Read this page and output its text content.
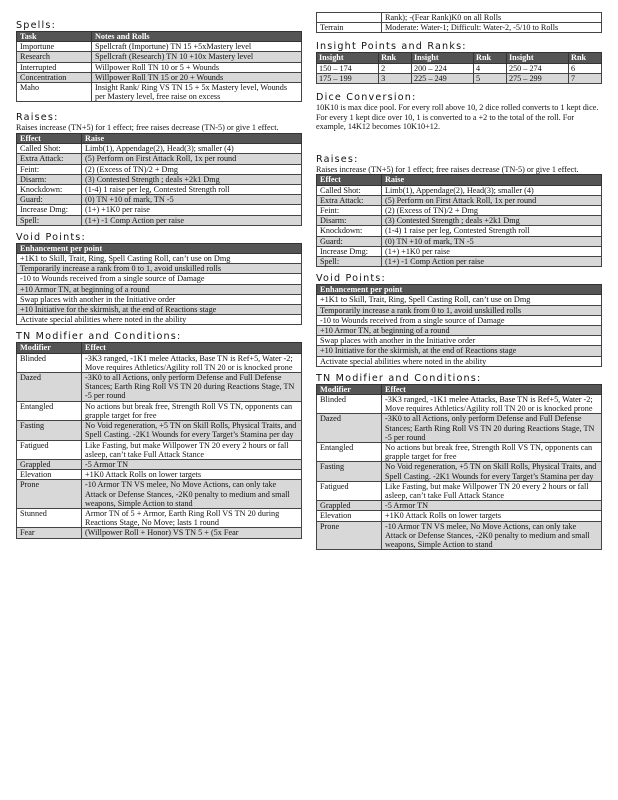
Spells:
Task	Notes and Rolls
Importune	Spellcraft (Importune) TN 15 +5xMastery level
Research	Spellcraft (Research) TN 10 +10x Mastery level
Interrupted	Willpower Roll TN 10 or 5 + Wounds
Concentration	Willpower Roll TN 15 or 20 + Wounds
Maho	Insight Rank/ Ring VS TN 15 + 5x Mastery level, Wounds per Mastery level, free raise on excess
Raises:

Raises increase (TN+5) for 1 effect; free raises decrease (TN-5) or give 1 effect.

Effect	Raise
Called Shot:	Limb(1), Appendage(2), Head(3); smaller (4)
Extra Attack:	(5) Perform on First Attack Roll, 1x per round
Feint:	(2) (Excess of TN)/2 + Dmg
Disarm:	(3) Contested Strength ; deals +2k1 Dmg
Knockdown:	(1-4) 1 raise per leg, Contested Strength roll
Guard:	(0) TN +10 of mark, TN -5
Increase Dmg:	(1+) +1K0 per raise
Spell:	(1+) -1 Comp Action per raise
Void Points:
Enhancement per point
+1K1 to Skill, Trait, Ring, Spell Casting Roll, can’t use on Dmg
Temporarily increase a rank from 0 to 1, avoid unskilled rolls
-10 to Wounds received from a single source of Damage
+10 Armor TN, at beginning of a round
Swap places with another in the Initiative order
+10 Initiative for the skirmish, at the end of Reactions stage
Activate special abilities where noted in the ability
TN Modifier and Conditions:
Modifier	Effect
Blinded	-3K3 ranged, -1K1 melee Attacks, Base TN is Ref+5, Water -2; Move requires Athletics/Agility roll TN 20 or is knocked prone
Dazed	-3K0 to all Actions, only perform Defense and Full Defense Stances; Earth Ring Roll VS TN 20 during Reactions Stage, TN -5 per round
Entangled	No actions but break free, Strength Roll VS TN, opponents can grapple target for free
Fasting	No Void regeneration, +5 TN on Skill Rolls, Physical Traits, and Spell Casting. -2K1 Wounds for every Target’s Stamina per day
Fatigued	Like Fasting, but make Willpower TN 20 every 2 hours or fall asleep, can’t take Full Attack Stance
Grappled	-5 Armor TN
Elevation	+1K0 Attack Rolls on lower targets
Prone	-10 Armor TN VS melee, No Move Actions, can only take Attack or Defense Stances, -2K0 penalty to medium and small weapons, Simple Action to stand
Stunned	Armor TN of 5 + Armor, Earth Ring Roll VS TN 20 during Reactions Stage, No Move; lasts 1 round
Fear	(Willpower Roll + Honor) VS TN 5 + (5x Fear
	Rank); -(Fear Rank)K0 on all Rolls
Terrain	Moderate: Water-1; Difficult: Water-2, -5/10 to Rolls
Insight Points and Ranks:
Insight	Rnk	Insight	Rnk	Insight	Rnk
150 – 174	2	200 – 224	4	250 – 274	6
175 – 199	3	225 – 249	5	275 – 299	7
Dice Conversion:

10K10 is max dice pool. For every roll above 10, 2 dice rolled converts to 1 kept dice. For every 1 kept dice over 10, 1 is converted to a +2 to the total of the roll. For example, 14K12 becomes 10K10+12.

Raises:

Raises increase (TN+5) for 1 effect; free raises decrease (TN-5) or give 1 effect.

Effect	Raise
Called Shot:	Limb(1), Appendage(2), Head(3); smaller (4)
Extra Attack:	(5) Perform on First Attack Roll, 1x per round
Feint:	(2) (Excess of TN)/2 + Dmg
Disarm:	(3) Contested Strength ; deals +2k1 Dmg
Knockdown:	(1-4) 1 raise per leg, Contested Strength roll
Guard:	(0) TN +10 of mark, TN -5
Increase Dmg:	(1+) +1K0 per raise
Spell:	(1+) -1 Comp Action per raise
Void Points:
Enhancement per point
+1K1 to Skill, Trait, Ring, Spell Casting Roll, can’t use on Dmg
Temporarily increase a rank from 0 to 1, avoid unskilled rolls
-10 to Wounds received from a single source of Damage
+10 Armor TN, at beginning of a round
Swap places with another in the Initiative order
+10 Initiative for the skirmish, at the end of Reactions stage
Activate special abilities where noted in the ability
TN Modifier and Conditions:
Modifier	Effect
Blinded	-3K3 ranged, -1K1 melee Attacks, Base TN is Ref+5, Water -2; Move requires Athletics/Agility roll TN 20 or is knocked prone
Dazed	-3K0 to all Actions, only perform Defense and Full Defense Stances; Earth Ring Roll VS TN 20 during Reactions Stage, TN -5 per round
Entangled	No actions but break free, Strength Roll VS TN, opponents can grapple target for free
Fasting	No Void regeneration, +5 TN on Skill Rolls, Physical Traits, and Spell Casting. -2K1 Wounds for every Target’s Stamina per day
Fatigued	Like Fasting, but make Willpower TN 20 every 2 hours or fall asleep, can’t take Full Attack Stance
Grappled	-5 Armor TN
Elevation	+1K0 Attack Rolls on lower targets
Prone	-10 Armor TN VS melee, No Move Actions, can only take Attack or Defense Stances, -2K0 penalty to medium and small weapons, Simple Action to stand
